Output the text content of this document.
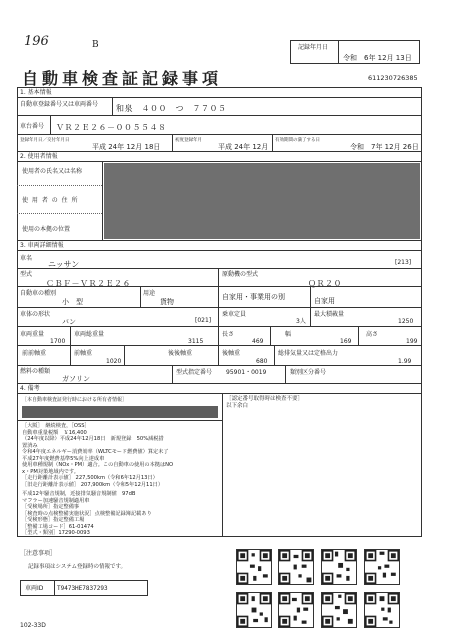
196	B	記録年月日
令和　6年 12月 13日
自動車検査証記録事項	611230726385
1. 基本情報
自動車登録番号又は車両番号 和泉　４００　つ　７７０５
車台番号 ＶＲ２Ｅ２６－００５５４８
登録年月日／交付年月日
平成 24年 12月 18日
初度登録年月
平成 24年 12月
有効期間の満了する日
令和　7年 12月 26日
2. 使用者情報
使用者の氏名又は名称
使 用 者 の 住 所
使用の本拠の位置
3. 車両詳細情報
車名
ニッサン	[213]
型式
ＣＢＦ－ＶＲ２Ｅ２６
原動機の型式
ＱＲ２０
自動車の種別
小　型
用途
貨物
自家用・事業用の別	自家用
車体の形状
バン	[021]
乗車定員
3人
最大積載量
1250
車両重量
1700
車両総重量
3115
長さ
469
幅
169
高さ
199
前前軸重	前軸重
1020
後後軸重	後軸重
680
総排気量又は定格出力
1.99
燃料の種類
ガソリン
型式指定番号 95901・0019	類別区分番号
4. 備考
［本自動車検査証発行時における所有者情報］	［認定番号取得時は検査不要］
以下余白
［大阪］　継続検査，［OSS］
自動車重量税額　￥16,400
（24年度以降）平成24年12月18日　新規登録　50%減税措
置済み
令和4年度エネルギー消費効率（WLTCモード燃費値）算定未了
平成27年度燃費基準5%向上達成車
使用車種規制（NOx・PM）適合。この自動車の使用の本拠はNO
x・PM対策地域内です。
［走行距離計表示値］ 227,500km（令和6年12月13日）
［旧走行距離計表示値］ 207,900km（令和5年12月11日）
平成12年騒音規制，近接排気騒音規制値　97dB
マフラー加速騒音規制適用車
［受検場所］指定整備事
［検査時の点検整備実施状況］点検整備記録簿記載あり
［受検形態］指定整備工場
［整備工場コード］61-01474
［型式・類別］17290-0093
［注意事項］
記録事項はシステム登録時の情報です。
車両ID T9473HE7837293
102-33D
